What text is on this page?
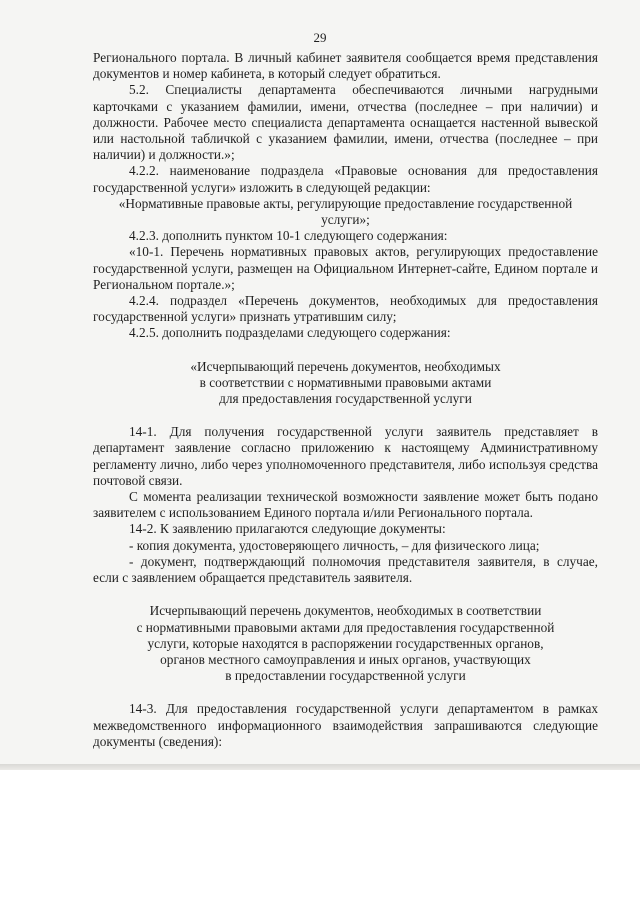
29

Регионального портала. В личный кабинет заявителя сообщается время представления документов и номер кабинета, в который следует обратиться.

5.2. Специалисты департамента обеспечиваются личными нагрудными карточками с указанием фамилии, имени, отчества (последнее – при наличии) и должности. Рабочее место специалиста департамента оснащается настенной вывеской или настольной табличкой с указанием фамилии, имени, отчества (последнее – при наличии) и должности.»;

4.2.2. наименование подраздела «Правовые основания для предоставления государственной услуги» изложить в следующей редакции:

«Нормативные правовые акты, регулирующие предоставление государственной услуги»;

4.2.3. дополнить пунктом 10-1 следующего содержания:

«10-1. Перечень нормативных правовых актов, регулирующих предоставление государственной услуги, размещен на Официальном Интернет-сайте, Едином портале и Региональном портале.»;

4.2.4. подраздел «Перечень документов, необходимых для предоставления государственной услуги» признать утратившим силу;

4.2.5. дополнить подразделами следующего содержания:

«Исчерпывающий перечень документов, необходимых

в соответствии с нормативными правовыми актами

для предоставления государственной услуги

14-1. Для получения государственной услуги заявитель представляет в департамент заявление согласно приложению к настоящему Административному регламенту лично, либо через уполномоченного представителя, либо используя средства почтовой связи.

С момента реализации технической возможности заявление может быть подано заявителем с использованием Единого портала и/или Регионального портала.

14-2. К заявлению прилагаются следующие документы:

- копия документа, удостоверяющего личность, – для физического лица;

- документ, подтверждающий полномочия представителя заявителя, в случае, если с заявлением обращается представитель заявителя.

Исчерпывающий перечень документов, необходимых в соответствии

с нормативными правовыми актами для предоставления государственной

услуги, которые находятся в распоряжении государственных органов,

органов местного самоуправления и иных органов, участвующих

в предоставлении государственной услуги

14-3. Для предоставления государственной услуги департаментом в рамках межведомственного информационного взаимодействия запрашиваются следующие документы (сведения):
